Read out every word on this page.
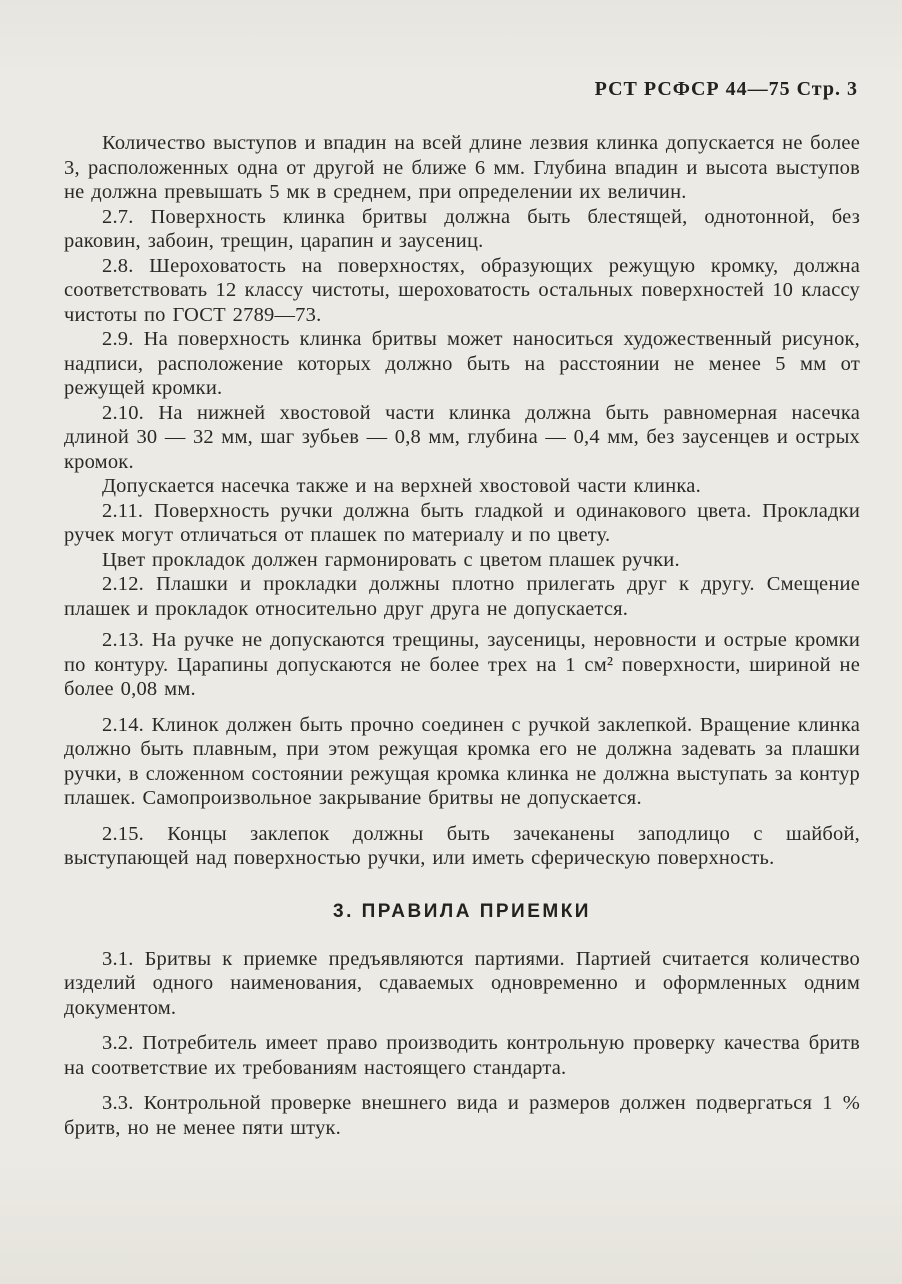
РСТ РСФСР 44—75 Стр. 3

Количество выступов и впадин на всей длине лезвия клинка допускается не более 3, расположенных одна от другой не ближе 6 мм. Глубина впадин и высота выступов не должна превышать 5 мк в среднем, при определении их величин.

2.7. Поверхность клинка бритвы должна быть блестящей, однотонной, без раковин, забоин, трещин, царапин и заусениц.

2.8. Шероховатость на поверхностях, образующих режущую кромку, должна соответствовать 12 классу чистоты, шероховатость остальных поверхностей 10 классу чистоты по ГОСТ 2789—73.

2.9. На поверхность клинка бритвы может наноситься художественный рисунок, надписи, расположение которых должно быть на расстоянии не менее 5 мм от режущей кромки.

2.10. На нижней хвостовой части клинка должна быть равномерная насечка длиной 30 — 32 мм, шаг зубьев — 0,8 мм, глубина — 0,4 мм, без заусенцев и острых кромок.

Допускается насечка также и на верхней хвостовой части клинка.

2.11. Поверхность ручки должна быть гладкой и одинакового цвета. Прокладки ручек могут отличаться от плашек по материалу и по цвету.

Цвет прокладок должен гармонировать с цветом плашек ручки.

2.12. Плашки и прокладки должны плотно прилегать друг к другу. Смещение плашек и прокладок относительно друг друга не допускается.

2.13. На ручке не допускаются трещины, заусеницы, неровности и острые кромки по контуру. Царапины допускаются не более трех на 1 см² поверхности, шириной не более 0,08 мм.

2.14. Клинок должен быть прочно соединен с ручкой заклепкой. Вращение клинка должно быть плавным, при этом режущая кромка его не должна задевать за плашки ручки, в сложенном состоянии режущая кромка клинка не должна выступать за контур плашек. Самопроизвольное закрывание бритвы не допускается.

2.15. Концы заклепок должны быть зачеканены заподлицо с шайбой, выступающей над поверхностью ручки, или иметь сферическую поверхность.

3. ПРАВИЛА ПРИЕМКИ

3.1. Бритвы к приемке предъявляются партиями. Партией считается количество изделий одного наименования, сдаваемых одновременно и оформленных одним документом.

3.2. Потребитель имеет право производить контрольную проверку качества бритв на соответствие их требованиям настоящего стандарта.

3.3. Контрольной проверке внешнего вида и размеров должен подвергаться 1 % бритв, но не менее пяти штук.
